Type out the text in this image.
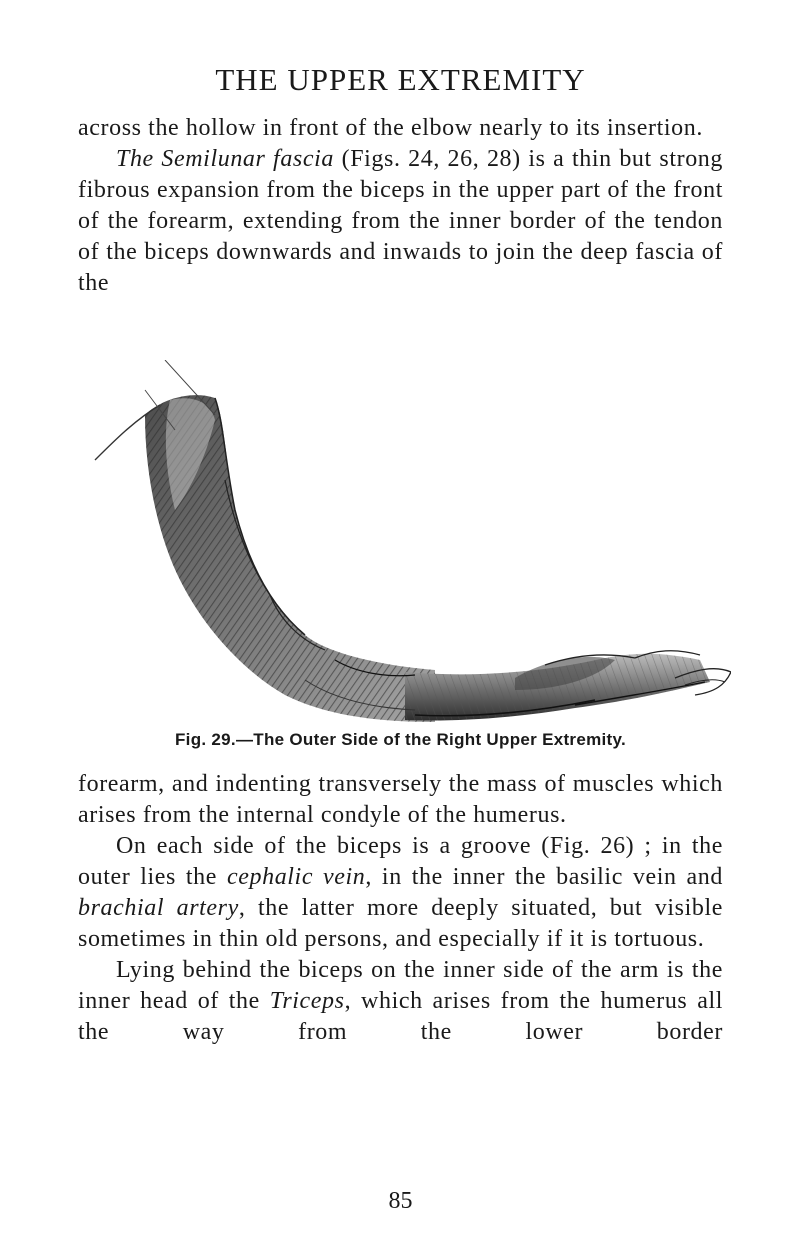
THE UPPER EXTREMITY

across the hollow in front of the elbow nearly to its insertion.

The Semilunar fascia (Figs. 24, 26, 28) is a thin but strong fibrous expansion from the biceps in the upper part of the front of the forearm, extending from the inner border of the tendon of the biceps downwards and inwaıds to join the deep fascia of the

Fig. 29.—The Outer Side of the Right Upper Extremity.

forearm, and indenting transversely the mass of muscles which arises from the internal condyle of the humerus.

On each side of the biceps is a groove (Fig. 26) ; in the outer lies the cephalic vein, in the inner the basilic vein and brachial artery, the latter more deeply situated, but visible sometimes in thin old persons, and especially if it is tortuous.

Lying behind the biceps on the inner side of the arm is the inner head of the Triceps, which arises from the humerus all the way from the lower border

85
